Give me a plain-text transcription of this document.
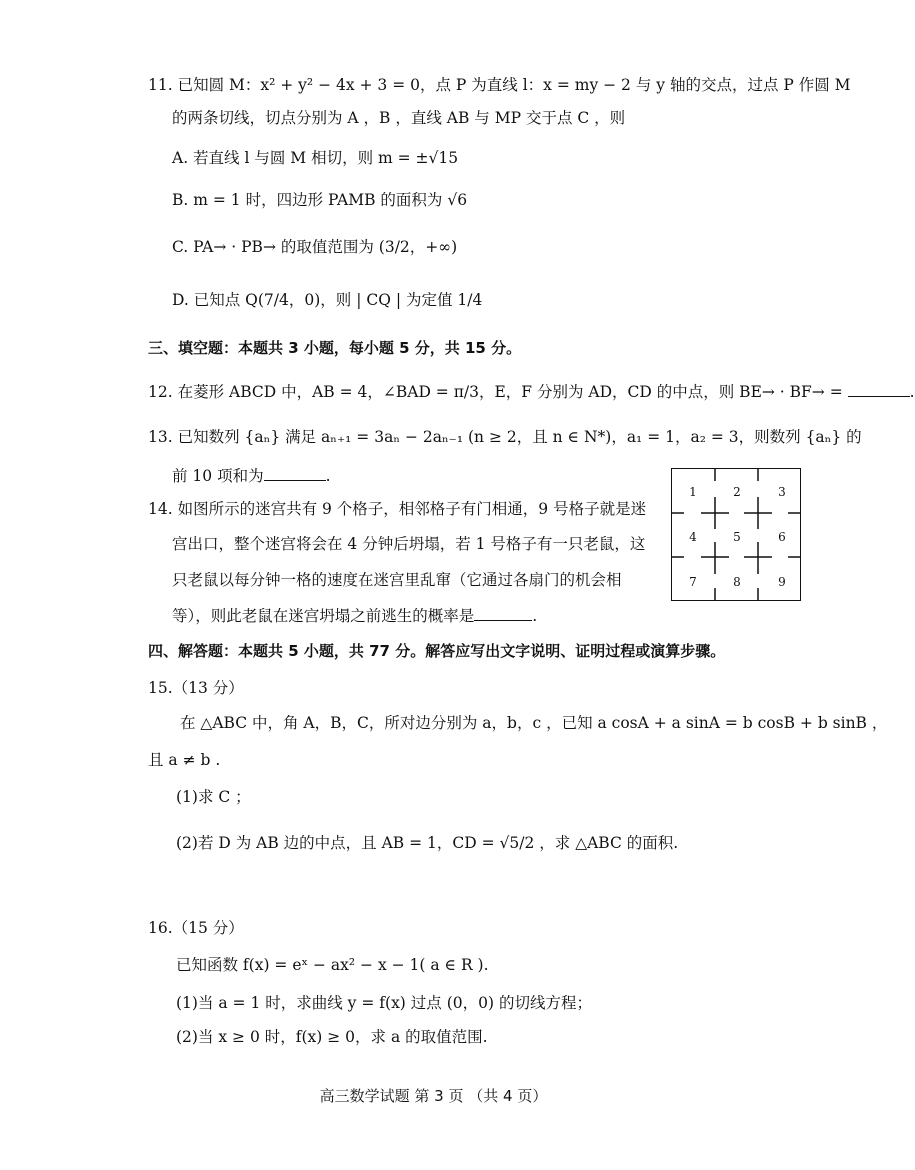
11. 已知圆 M：x² + y² − 4x + 3 = 0，点 P 为直线 l：x = my − 2 与 y 轴的交点，过点 P 作圆 M
的两条切线，切点分别为 A ，B ，直线 AB 与 MP 交于点 C ，则
A. 若直线 l 与圆 M 相切，则 m = ±√15
B. m = 1 时，四边形 PAMB 的面积为 √6
C. PA→ · PB→ 的取值范围为 (3/2，+∞)
D. 已知点 Q(7/4，0)，则 | CQ | 为定值 1/4
三、填空题：本题共 3 小题，每小题 5 分，共 15 分。
12. 在菱形 ABCD 中，AB = 4，∠BAD = π/3，E，F 分别为 AD，CD 的中点，则 BE→ · BF→ =	.
13. 已知数列 {aₙ} 满足 aₙ₊₁ = 3aₙ − 2aₙ₋₁ (n ≥ 2，且 n ∈ N*)，a₁ = 1，a₂ = 3，则数列 {aₙ} 的
前 10 项和为	.
14. 如图所示的迷宫共有 9 个格子，相邻格子有门相通，9 号格子就是迷
宫出口，整个迷宫将会在 4 分钟后坍塌，若 1 号格子有一只老鼠，这
只老鼠以每分钟一格的速度在迷宫里乱窜（它通过各扇门的机会相
等），则此老鼠在迷宫坍塌之前逃生的概率是	.
1	2	3
4	5	6
7	8	9
四、解答题：本题共 5 小题，共 77 分。解答应写出文字说明、证明过程或演算步骤。
15.（13 分）
在 △ABC 中，角 A，B，C，所对边分别为 a，b，c ，已知 a cosA + a sinA = b cosB + b sinB ，
且 a ≠ b .
(1)求 C ；
(2)若 D 为 AB 边的中点，且 AB = 1，CD = √5/2 ，求 △ABC 的面积.
16.（15 分）
已知函数 f(x) = eˣ − ax² − x − 1( a ∈ R ).
(1)当 a = 1 时，求曲线 y = f(x) 过点 (0，0) 的切线方程；
(2)当 x ≥ 0 时，f(x) ≥ 0，求 a 的取值范围.
高三数学试题 第 3 页 （共 4 页）
